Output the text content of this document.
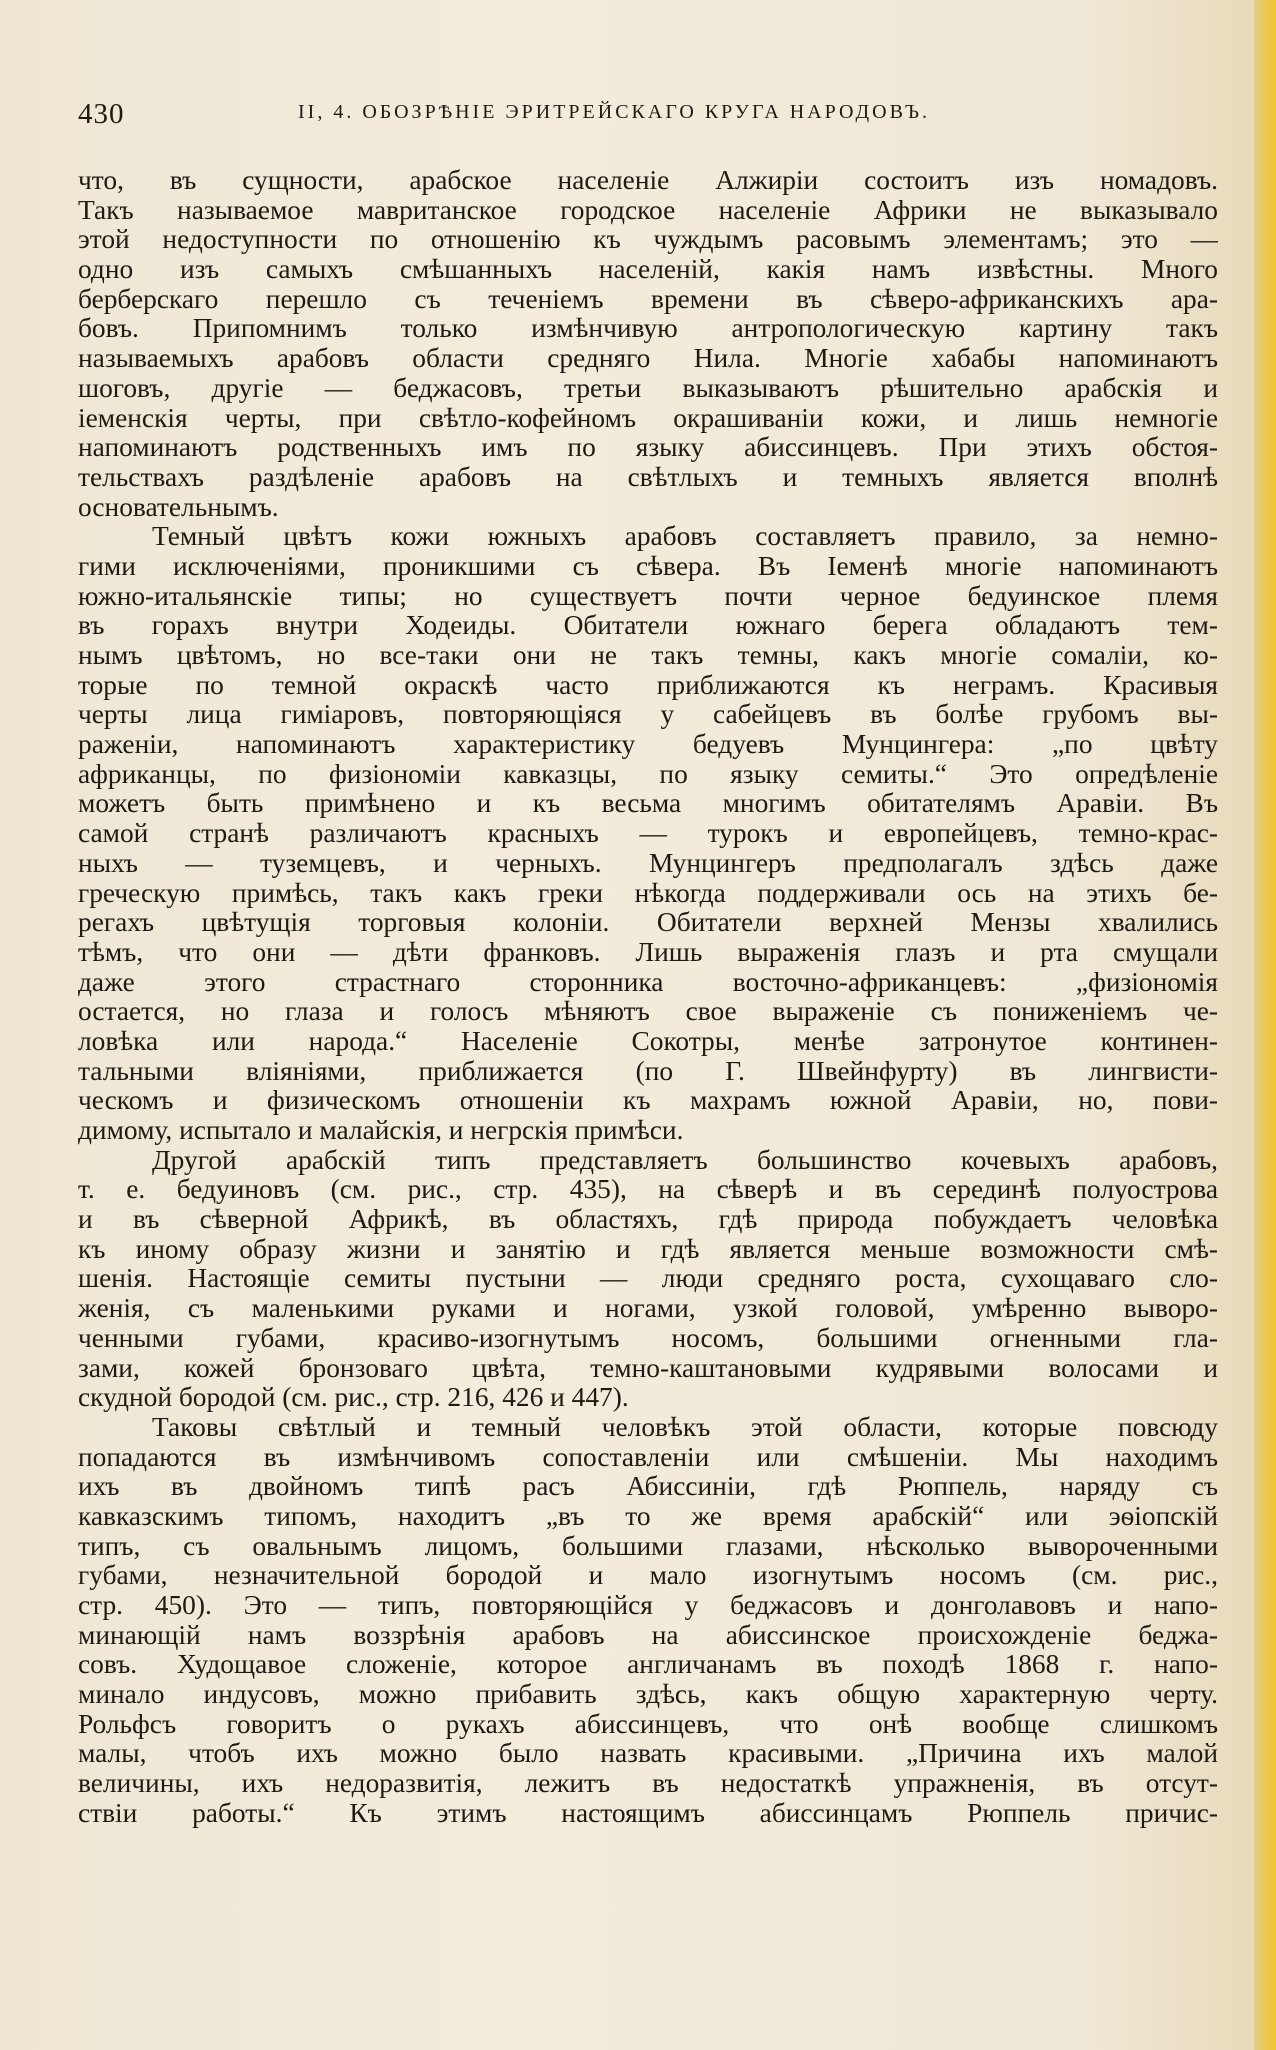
430	II, 4. ОБОЗРѢНІЕ ЭРИТРЕЙСКАГО КРУГА НАРОДОВЪ.
что, въ сущности, арабское населеніе Алжиріи состоитъ изъ номадовъ.
Такъ называемое мавританское городское населеніе Африки не выказывало
этой недоступности по отношенію къ чуждымъ расовымъ элементамъ; это —
одно изъ самыхъ смѣшанныхъ населеній, какія намъ извѣстны. Много
берберскаго перешло съ теченіемъ времени въ сѣверо-африканскихъ ара-
бовъ. Припомнимъ только измѣнчивую антропологическую картину такъ
называемыхъ арабовъ области средняго Нила. Многіе хабабы напоминаютъ
шоговъ, другіе — беджасовъ, третьи выказываютъ рѣшительно арабскія и
іеменскія черты, при свѣтло-кофейномъ окрашиваніи кожи, и лишь немногіе
напоминаютъ родственныхъ имъ по языку абиссинцевъ. При этихъ обстоя-
тельствахъ раздѣленіе арабовъ на свѣтлыхъ и темныхъ является вполнѣ
основательнымъ.
Темный цвѣтъ кожи южныхъ арабовъ составляетъ правило, за немно-
гими исключеніями, проникшими съ сѣвера. Въ Іеменѣ многіе напоминаютъ
южно-итальянскіе типы; но существуетъ почти черное бедуинское племя
въ горахъ внутри Ходеиды. Обитатели южнаго берега обладаютъ тем-
нымъ цвѣтомъ, но все-таки они не такъ темны, какъ многіе сомаліи, ко-
торые по темной окраскѣ часто приближаются къ неграмъ. Красивыя
черты лица гиміаровъ, повторяющіяся у сабейцевъ въ болѣе грубомъ вы-
раженіи, напоминаютъ характеристику бедуевъ Мунцингера: „по цвѣту
африканцы, по физіономіи кавказцы, по языку семиты.“ Это опредѣленіе
можетъ быть примѣнено и къ весьма многимъ обитателямъ Аравіи. Въ
самой странѣ различаютъ красныхъ — турокъ и европейцевъ, темно-крас-
ныхъ — туземцевъ, и черныхъ. Мунцингеръ предполагалъ здѣсь даже
греческую примѣсь, такъ какъ греки нѣкогда поддерживали ось на этихъ бе-
регахъ цвѣтущія торговыя колоніи. Обитатели верхней Мензы хвалились
тѣмъ, что они — дѣти франковъ. Лишь выраженія глазъ и рта смущали
даже этого страстнаго сторонника восточно-африканцевъ: „физіономія
остается, но глаза и голосъ мѣняютъ свое выраженіе съ пониженіемъ че-
ловѣка или народа.“ Населеніе Сокотры, менѣе затронутое континен-
тальными вліяніями, приближается (по Г. Швейнфурту) въ лингвисти-
ческомъ и физическомъ отношеніи къ махрамъ южной Аравіи, но, пови-
димому, испытало и малайскія, и негрскія примѣси.
Другой арабскій типъ представляетъ большинство кочевыхъ арабовъ,
т. е. бедуиновъ (см. рис., стр. 435), на сѣверѣ и въ серединѣ полуострова
и въ сѣверной Африкѣ, въ областяхъ, гдѣ природа побуждаетъ человѣка
къ иному образу жизни и занятію и гдѣ является меньше возможности смѣ-
шенія. Настоящіе семиты пустыни — люди средняго роста, сухощаваго сло-
женія, съ маленькими руками и ногами, узкой головой, умѣренно вывоpо-
ченными губами, красиво-изогнутымъ носомъ, большими огненными гла-
зами, кожей бронзоваго цвѣта, темно-каштановыми кудрявыми волосами и
скудной бородой (см. рис., стр. 216, 426 и 447).
Таковы свѣтлый и темный человѣкъ этой области, которые повсюду
попадаются въ измѣнчивомъ сопоставленіи или смѣшеніи. Мы находимъ
ихъ въ двойномъ типѣ расъ Абиссиніи, гдѣ Рюппель, наряду съ
кавказскимъ типомъ, находитъ „въ то же время арабскій“ или эѳіопскій
типъ, съ овальнымъ лицомъ, большими глазами, нѣсколько вывороченными
губами, незначительной бородой и мало изогнутымъ носомъ (см. рис.,
стр. 450). Это — типъ, повторяющійся у беджасовъ и донголавовъ и напо-
минающій намъ воззрѣнія арабовъ на абиссинское происхожденіе беджа-
совъ. Худощавое сложеніе, которое англичанамъ въ походѣ 1868 г. напо-
минало индусовъ, можно прибавить здѣсь, какъ общую характерную черту.
Рольфсъ говоритъ о рукахъ абиссинцевъ, что онѣ вообще слишкомъ
малы, чтобъ ихъ можно было назвать красивыми. „Причина ихъ малой
величины, ихъ недоразвитія, лежитъ въ недостаткѣ упражненія, въ отсут-
ствіи работы.“ Къ этимъ настоящимъ абиссинцамъ Рюппель причис-
